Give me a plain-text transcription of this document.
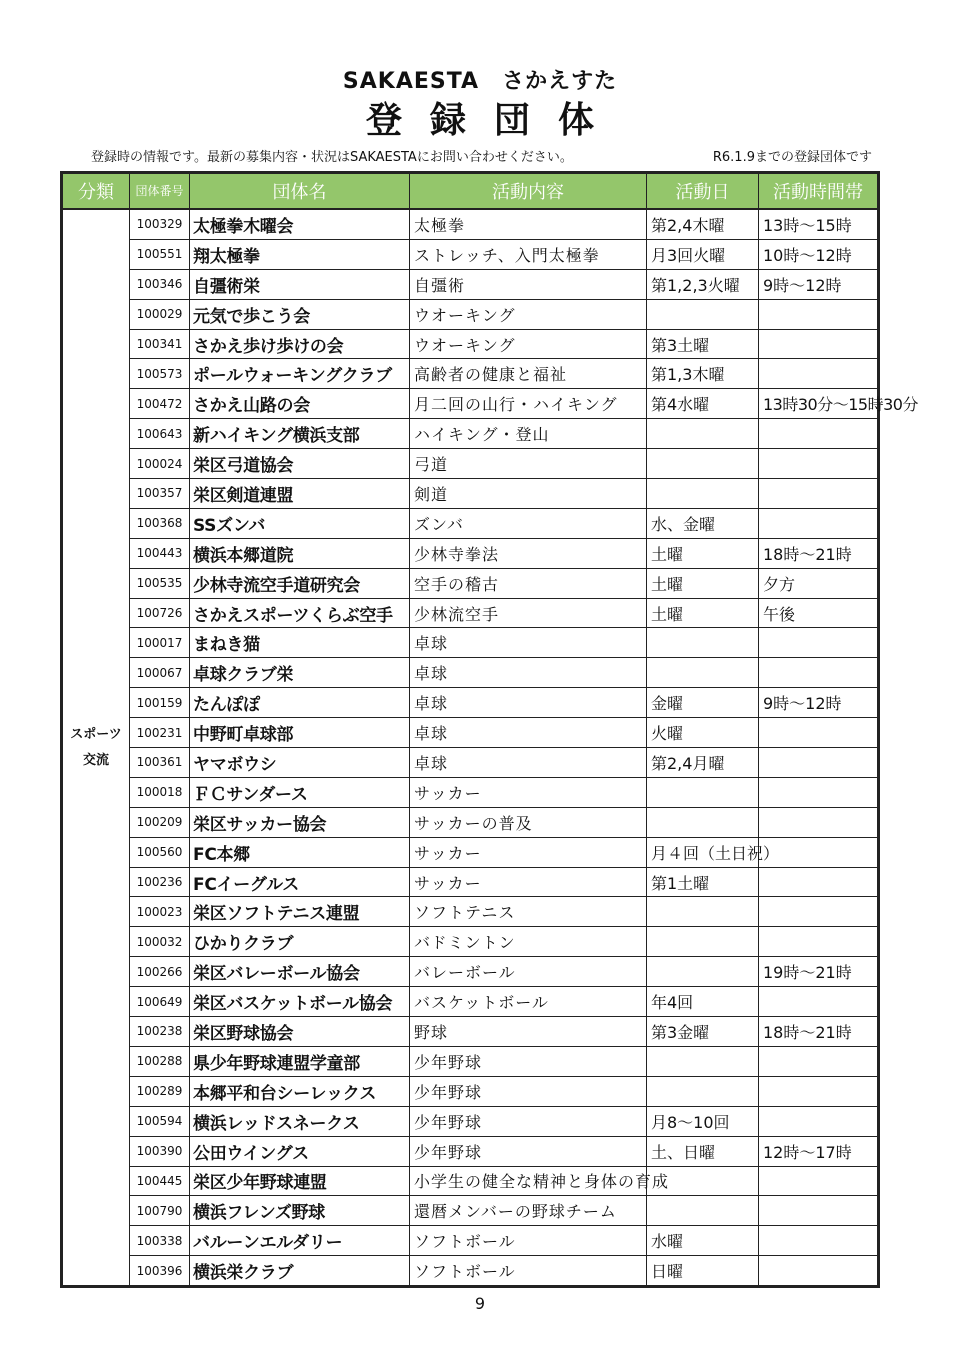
SAKAESTA　さかえすた
登録団体
登録時の情報です。最新の募集内容・状況はSAKAESTAにお問い合わせください。	R6.1.9までの登録団体です
分類	団体番号	団体名	活動内容	活動日	活動時間帯
スポーツ交流	100329	太極拳木曜会	太極拳	第2,4木曜	13時～15時
	100551	翔太極拳	ストレッチ、入門太極拳	月3回火曜	10時～12時
	100346	自彊術栄	自彊術	第1,2,3火曜	9時～12時
	100029	元気で歩こう会	ウオーキング		
	100341	さかえ歩け歩けの会	ウオーキング	第3土曜	
	100573	ポールウォーキングクラブ	高齢者の健康と福祉	第1,3木曜	
	100472	さかえ山路の会	月二回の山行・ハイキング	第4水曜	13時30分～15時30分
	100643	新ハイキング横浜支部	ハイキング・登山		
	100024	栄区弓道協会	弓道		
	100357	栄区剣道連盟	剣道		
	100368	SSズンバ	ズンバ	水、金曜	
	100443	横浜本郷道院	少林寺拳法	土曜	18時～21時
	100535	少林寺流空手道研究会	空手の稽古	土曜	夕方
	100726	さかえスポーツくらぶ空手	少林流空手	土曜	午後
	100017	まねき猫	卓球		
	100067	卓球クラブ栄	卓球		
	100159	たんぽぽ	卓球	金曜	9時～12時
	100231	中野町卓球部	卓球	火曜	
	100361	ヤマボウシ	卓球	第2,4月曜	
	100018	ＦＣサンダース	サッカー		
	100209	栄区サッカー協会	サッカーの普及		
	100560	FC本郷	サッカー	月４回（土日祝）	
	100236	FCイーグルス	サッカー	第1土曜	
	100023	栄区ソフトテニス連盟	ソフトテニス		
	100032	ひかりクラブ	バドミントン		
	100266	栄区バレーボール協会	バレーボール		19時～21時
	100649	栄区バスケットボール協会	バスケットボール	年4回	
	100238	栄区野球協会	野球	第3金曜	18時～21時
	100288	県少年野球連盟学童部	少年野球		
	100289	本郷平和台シーレックス	少年野球		
	100594	横浜レッドスネークス	少年野球	月8～10回	
	100390	公田ウイングス	少年野球	土、日曜	12時～17時
	100445	栄区少年野球連盟	小学生の健全な精神と身体の育成		
	100790	横浜フレンズ野球	還暦メンバーの野球チーム		
	100338	バルーンエルダリー	ソフトボール	水曜	
	100396	横浜栄クラブ	ソフトボール	日曜	
9
